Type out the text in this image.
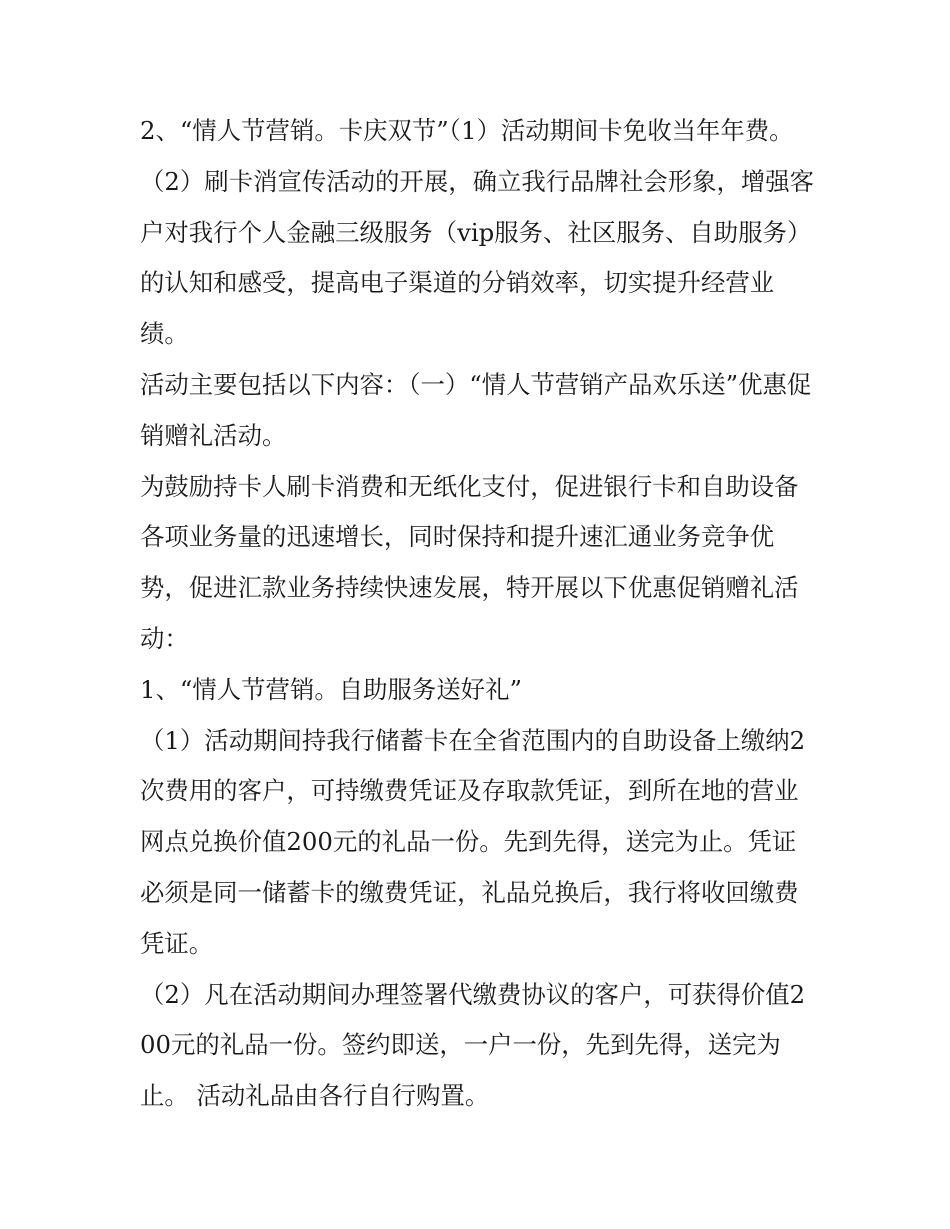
2、“情人节营销。卡庆双节”（1）活动期间卡免收当年年费。（2）刷卡消宣传活动的开展，确立我行品牌社会形象，增强客户对我行个人金融三级服务（vip服务、社区服务、自助服务）的认知和感受，提高电子渠道的分销效率，切实提升经营业绩。

活动主要包括以下内容：（一）“情人节营销产品欢乐送”优惠促销赠礼活动。

为鼓励持卡人刷卡消费和无纸化支付，促进银行卡和自助设备各项业务量的迅速增长，同时保持和提升速汇通业务竞争优势，促进汇款业务持续快速发展，特开展以下优惠促销赠礼活动：

1、“情人节营销。自助服务送好礼”

（1）活动期间持我行储蓄卡在全省范围内的自助设备上缴纳2次费用的客户，可持缴费凭证及存取款凭证，到所在地的营业网点兑换价值200元的礼品一份。先到先得，送完为止。凭证必须是同一储蓄卡的缴费凭证，礼品兑换后，我行将收回缴费凭证。

（2）凡在活动期间办理签署代缴费协议的客户，可获得价值200元的礼品一份。签约即送，一户一份，先到先得，送完为止。 活动礼品由各行自行购置。
